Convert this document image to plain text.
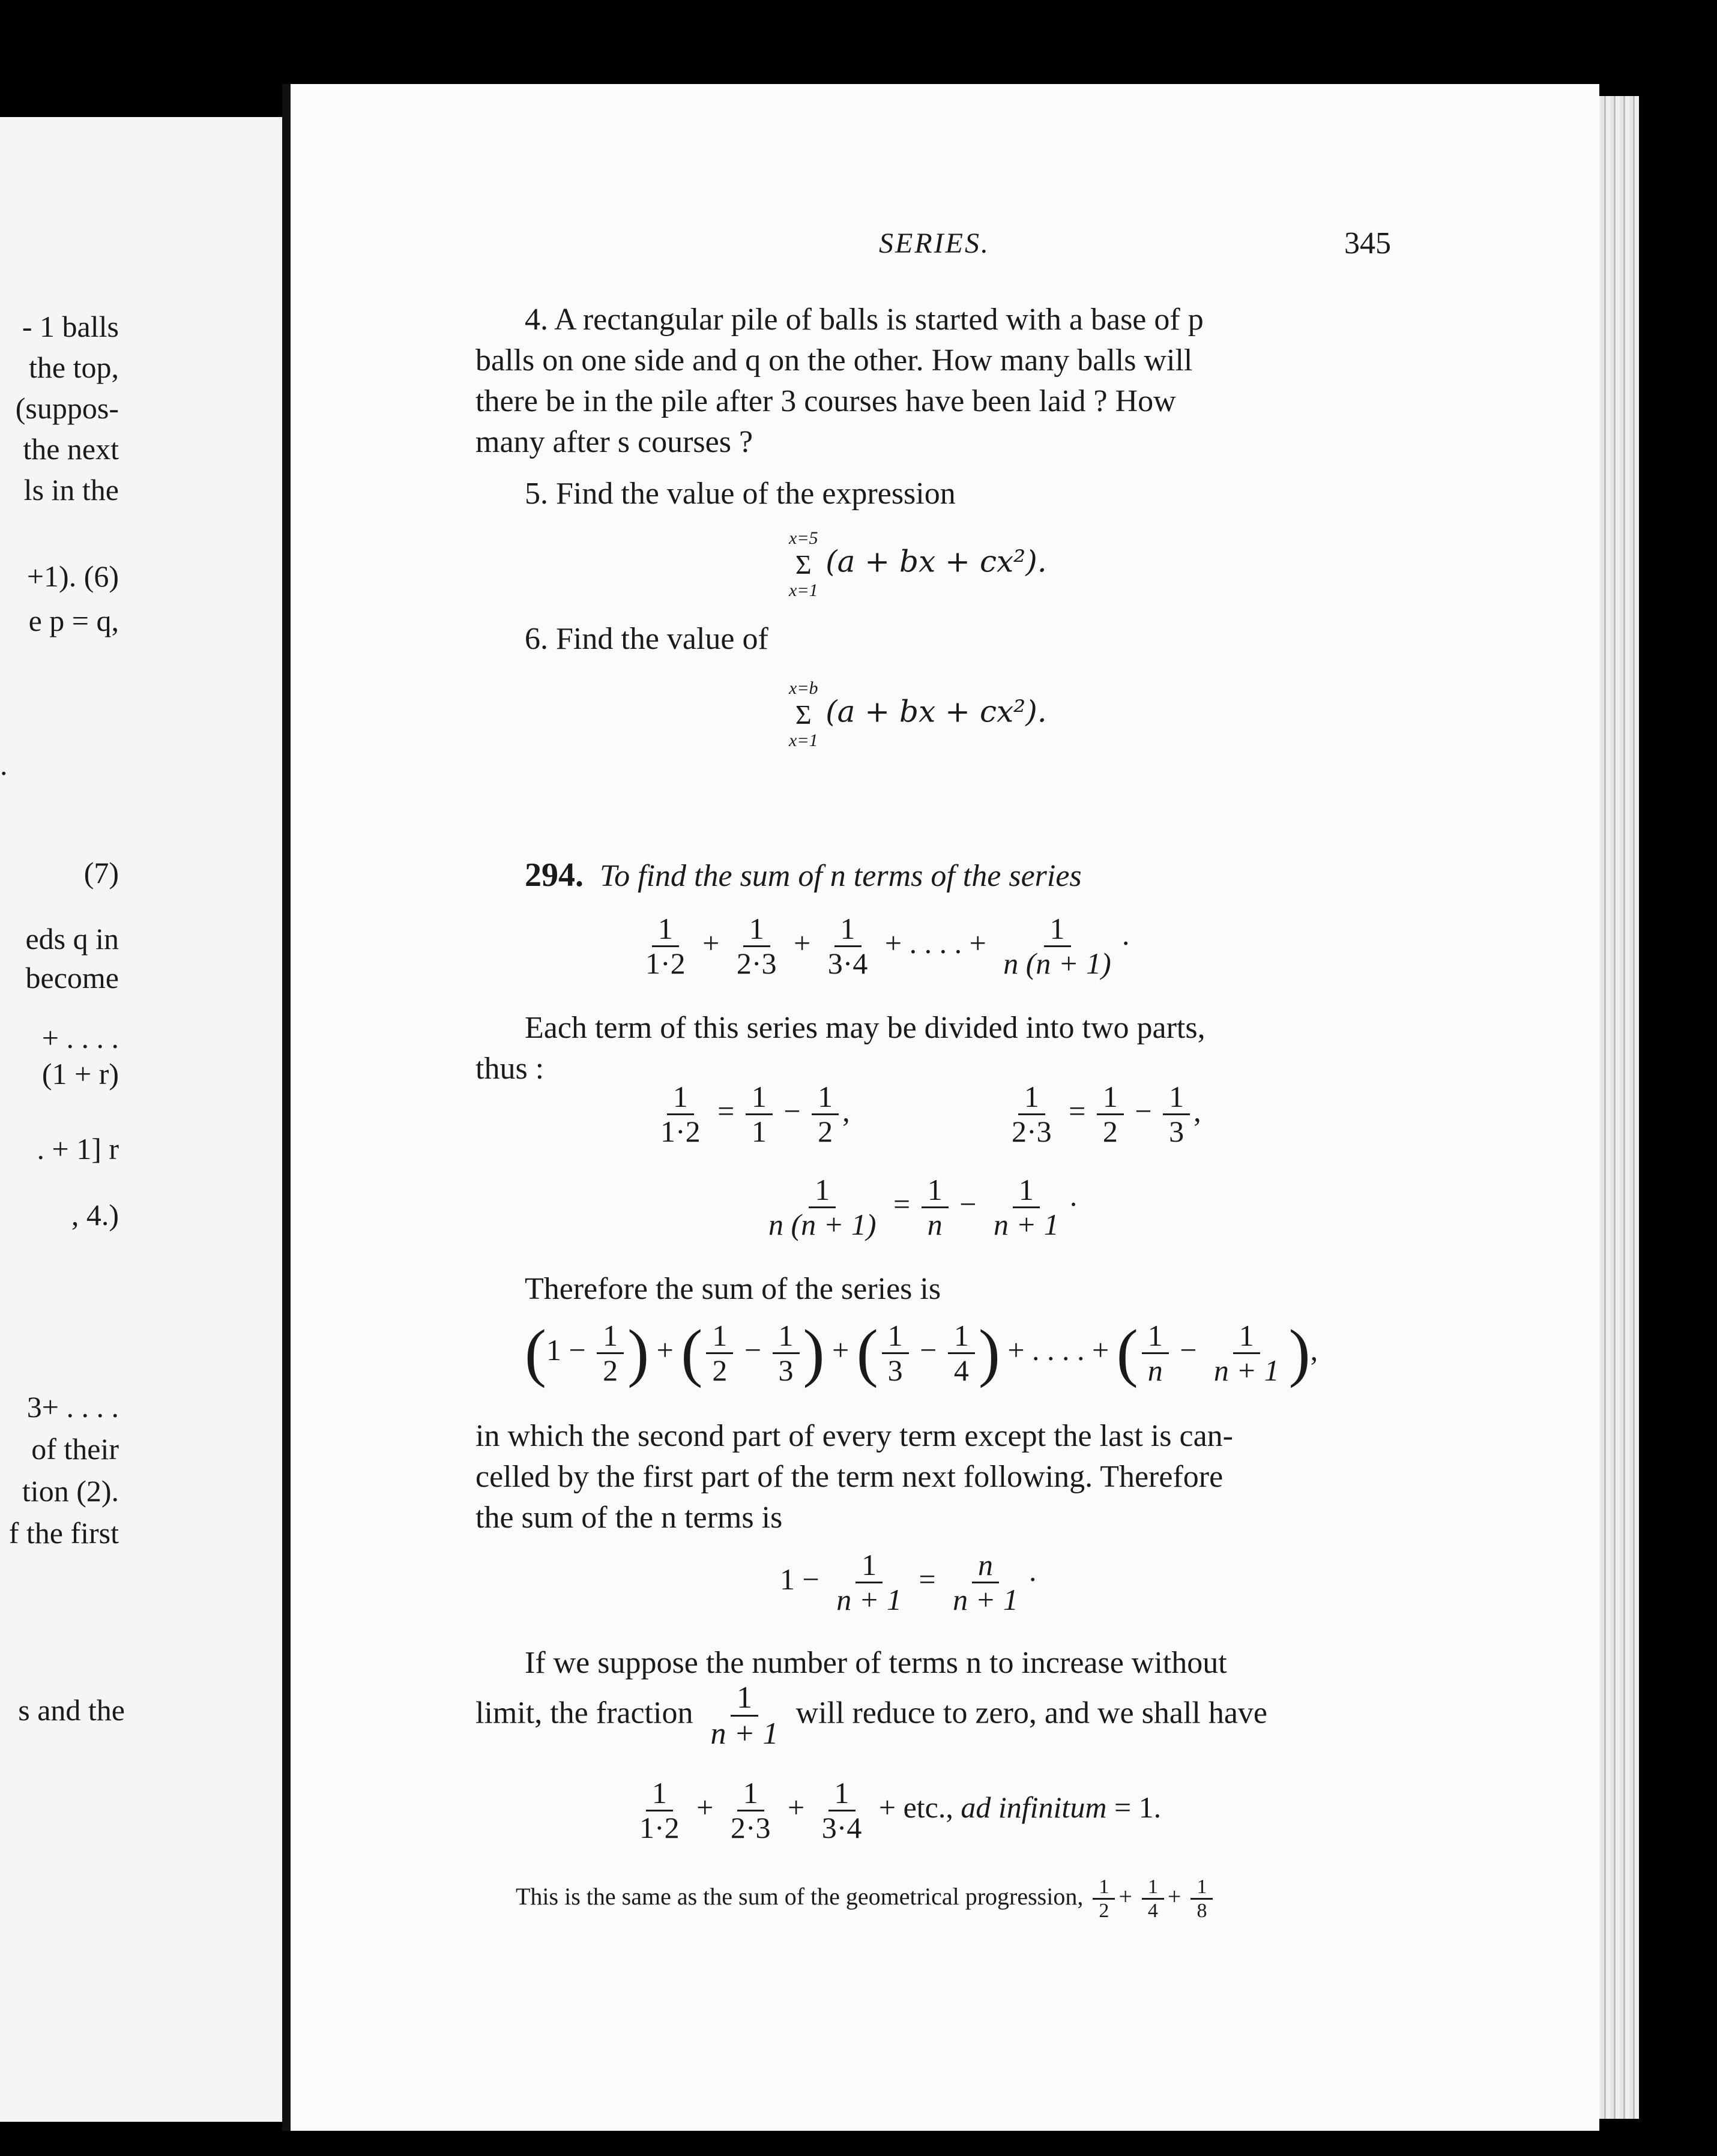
- 1 balls
the top,
(suppos-
the next
ls in the
+1). (6)
e p = q,
.
(7)
eds q in
become
+ . . . .
(1 + r)
. + 1] r
, 4.)
3+ . . . .
of their
tion (2).
f the first
s and the
SERIES.	345
4. A rectangular pile of balls is started with a base of p
balls on one side and q on the other. How many balls will
there be in the pile after 3 courses have been laid ? How
many after s courses ?
5. Find the value of the expression
x=5
Σ
x=1
(a + bx + cx²).
6. Find the value of
x=b
Σ
x=1
(a + bx + cx²).
294. To find the sum of n terms of the series
$\frac{1}{1\cdot 2} + \frac{1}{2\cdot 3} + \frac{1}{3\cdot 4}$ + . . . . + $\frac{1}{n (n + 1)}$ ·
Each term of this series may be divided into two parts,
thus :
$\frac{1}{1\cdot 2} = \frac{1}{1} - \frac{1}{2}$ ,	$\frac{1}{2\cdot 3} = \frac{1}{2} - \frac{1}{3}$ ,
$\frac{1}{n (n + 1)} = \frac{1}{n} - \frac{1}{n + 1}$ ·
Therefore the sum of the series is
($1 - \frac{1}{2}$ ) + ( $\frac{1}{2} - \frac{1}{3}$ ) + ( $\frac{1}{3} - \frac{1}{4}$ ) + . . . . + ( $\frac{1}{n} - \frac{1}{n + 1}$ ),
in which the second part of every term except the last is can-
celled by the first part of the term next following. Therefore
the sum of the n terms is
$1 - \frac{1}{n + 1} = \frac{n}{n + 1}$ ·
If we suppose the number of terms n to increase without
limit, the fraction $\frac{1}{n + 1}$ will reduce to zero, and we shall have
$\frac{1}{1\cdot 2} + \frac{1}{2\cdot 3} + \frac{1}{3\cdot 4}$ + etc., ad infinitum = 1.
This is the same as the sum of the geometrical progression, $\frac{1}{2} + \frac{1}{4} + \frac{1}{8}$
